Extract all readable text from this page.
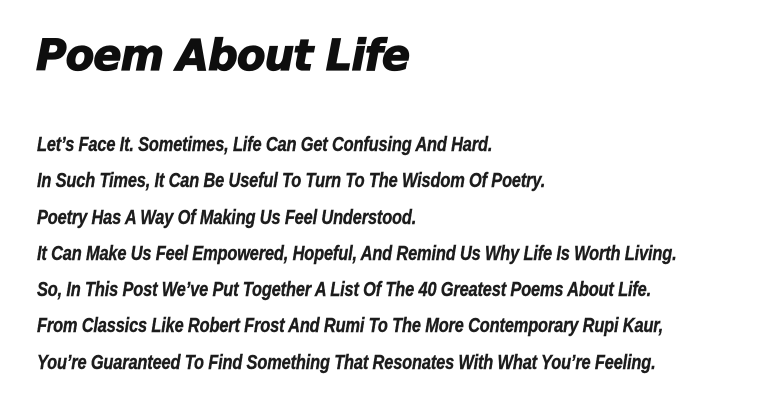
Poem About Life

Let’s Face It. Sometimes, Life Can Get Confusing And Hard.

In Such Times, It Can Be Useful To Turn To The Wisdom Of Poetry.

Poetry Has A Way Of Making Us Feel Understood.

It Can Make Us Feel Empowered, Hopeful, And Remind Us Why Life Is Worth Living.

So, In This Post We’ve Put Together A List Of The 40 Greatest Poems About Life.

From Classics Like Robert Frost And Rumi To The More Contemporary Rupi Kaur,

You’re Guaranteed To Find Something That Resonates With What You’re Feeling.
